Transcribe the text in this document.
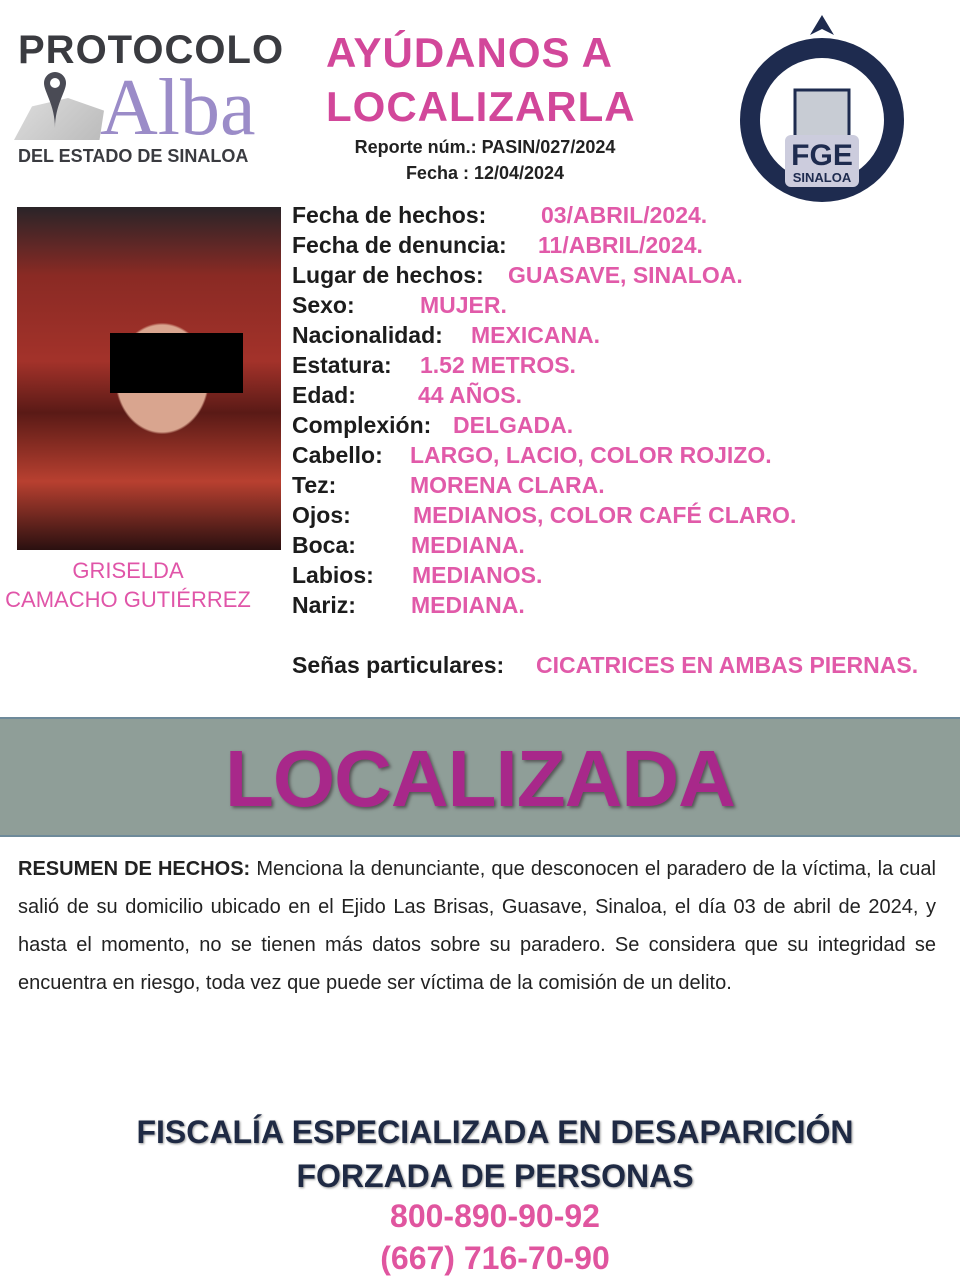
PROTOCOLO
Alba
DEL ESTADO DE SINALOA
AYÚDANOS A
LOCALIZARLA
Reporte núm.: PASIN/027/2024
Fecha : 12/04/2024
FGE
SINALOA
GRISELDA
CAMACHO GUTIÉRREZ
Fecha de hechos: 03/ABRIL/2024.
Fecha de denuncia: 11/ABRIL/2024.
Lugar de hechos: GUASAVE, SINALOA.
Sexo:	MUJER.
Nacionalidad: MEXICANA.
Estatura: 1.52 METROS.
Edad:	44 AÑOS.
Complexión: DELGADA.
Cabello: LARGO, LACIO, COLOR ROJIZO.
Tez:	MORENA CLARA.
Ojos:	MEDIANOS, COLOR CAFÉ CLARO.
Boca: MEDIANA.
Labios: MEDIANOS.
Nariz: MEDIANA.
Señas particulares: CICATRICES EN AMBAS PIERNAS.
LOCALIZADA
RESUMEN DE HECHOS: Menciona la denunciante, que desconocen el paradero de la víctima, la cual salió de su domicilio ubicado en el Ejido Las Brisas, Guasave, Sinaloa, el día 03 de abril de 2024, y hasta el momento, no se tienen más datos sobre su paradero. Se considera que su integridad se encuentra en riesgo, toda vez que puede ser víctima de la comisión de un delito.
FISCALÍA ESPECIALIZADA EN DESAPARICIÓN
FORZADA DE PERSONAS
800-890-90-92
(667) 716-70-90
